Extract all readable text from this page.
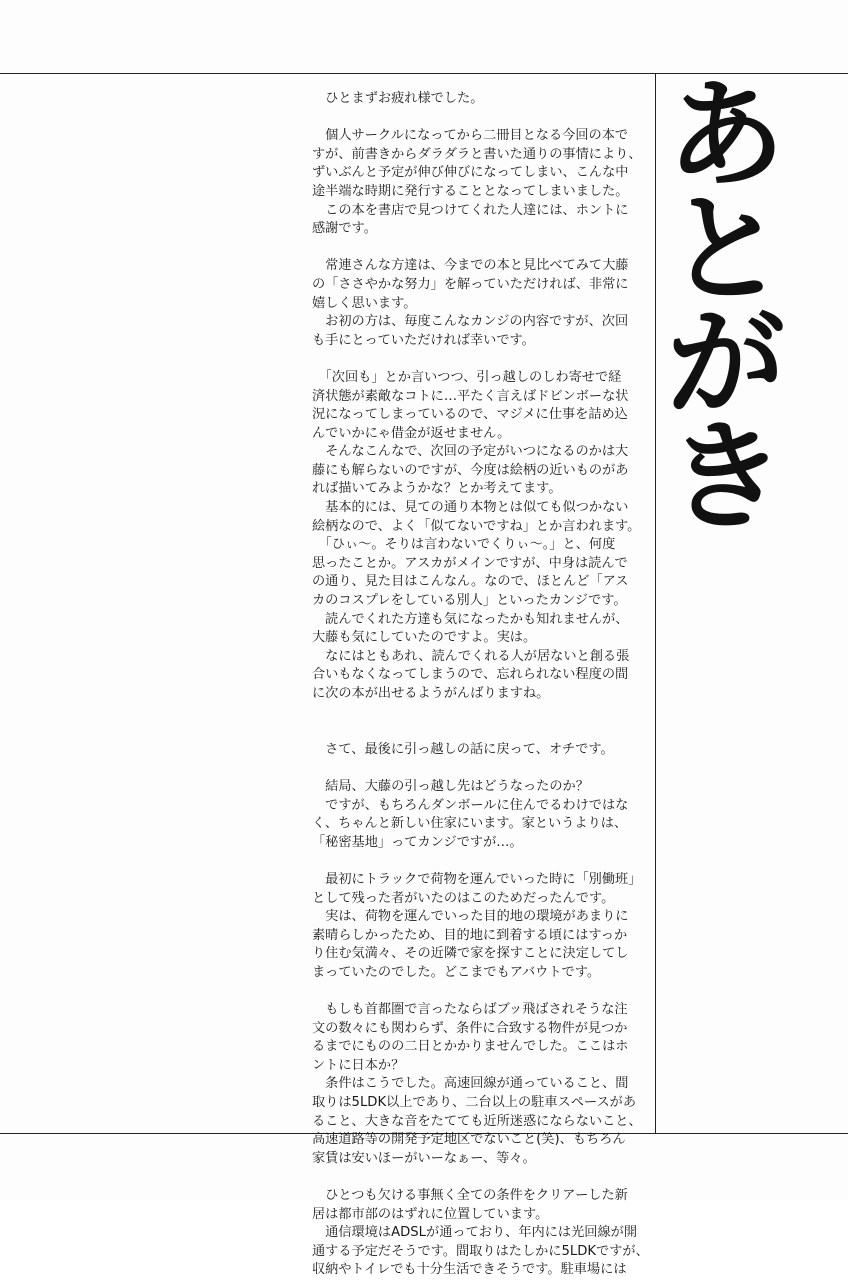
あ
と
が
き
　ひとまずお疲れ様でした。
　個人サークルになってから二冊目となる今回の本で
すが、前書きからダラダラと書いた通りの事情により、
ずいぶんと予定が伸び伸びになってしまい、こんな中
途半端な時期に発行することとなってしまいました。
　この本を書店で見つけてくれた人達には、ホントに
感謝です。
　常連さんな方達は、今までの本と見比べてみて大藤
の「ささやかな努力」を解っていただければ、非常に
嬉しく思います。
　お初の方は、毎度こんなカンジの内容ですが、次回
も手にとっていただければ幸いです。
　「次回も」とか言いつつ、引っ越しのしわ寄せで経
済状態が素敵なコトに…平たく言えばドビンボーな状
況になってしまっているので、マジメに仕事を詰め込
んでいかにゃ借金が返せません。
　そんなこんなで、次回の予定がいつになるのかは大
藤にも解らないのですが、今度は絵柄の近いものがあ
れば描いてみようかな？とか考えてます。
　基本的には、見ての通り本物とは似ても似つかない
絵柄なので、よく「似てないですね」とか言われます。
　「ひぃ～。そりは言わないでくりぃ～。」と、何度
思ったことか。アスカがメインですが、中身は読んで
の通り、見た目はこんなん。なので、ほとんど「アス
カのコスプレをしている別人」といったカンジです。
　読んでくれた方達も気になったかも知れませんが、
大藤も気にしていたのですよ。実は。
　なにはともあれ、読んでくれる人が居ないと創る張
合いもなくなってしまうので、忘れられない程度の間
に次の本が出せるようがんばりますね。
　さて、最後に引っ越しの話に戻って、オチです。
　結局、大藤の引っ越し先はどうなったのか？
　ですが、もちろんダンボールに住んでるわけではな
く、ちゃんと新しい住家にいます。家というよりは、
「秘密基地」ってカンジですが…。
　最初にトラックで荷物を運んでいった時に「別働班」
として残った者がいたのはこのためだったんです。
　実は、荷物を運んでいった目的地の環境があまりに
素晴らしかったため、目的地に到着する頃にはすっか
り住む気満々、その近隣で家を探すことに決定してし
まっていたのでした。どこまでもアバウトです。
　もしも首都圏で言ったならばブッ飛ばされそうな注
文の数々にも関わらず、条件に合致する物件が見つか
るまでにものの二日とかかりませんでした。ここはホ
ントに日本か？
　条件はこうでした。高速回線が通っていること、間
取りは5LDK以上であり、二台以上の駐車スペースがあ
ること、大きな音をたてても近所迷惑にならないこと、
高速道路等の開発予定地区でないこと(笑)、もちろん
家賃は安いほーがいーなぁー、等々。
　ひとつも欠ける事無く全ての条件をクリアーした新
居は都市部のはずれに位置しています。
　通信環境はADSLが通っており、年内には光回線が開
通する予定だそうです。間取りはたしかに5LDKですが、
収納やトイレでも十分生活できそうです。駐車場には
